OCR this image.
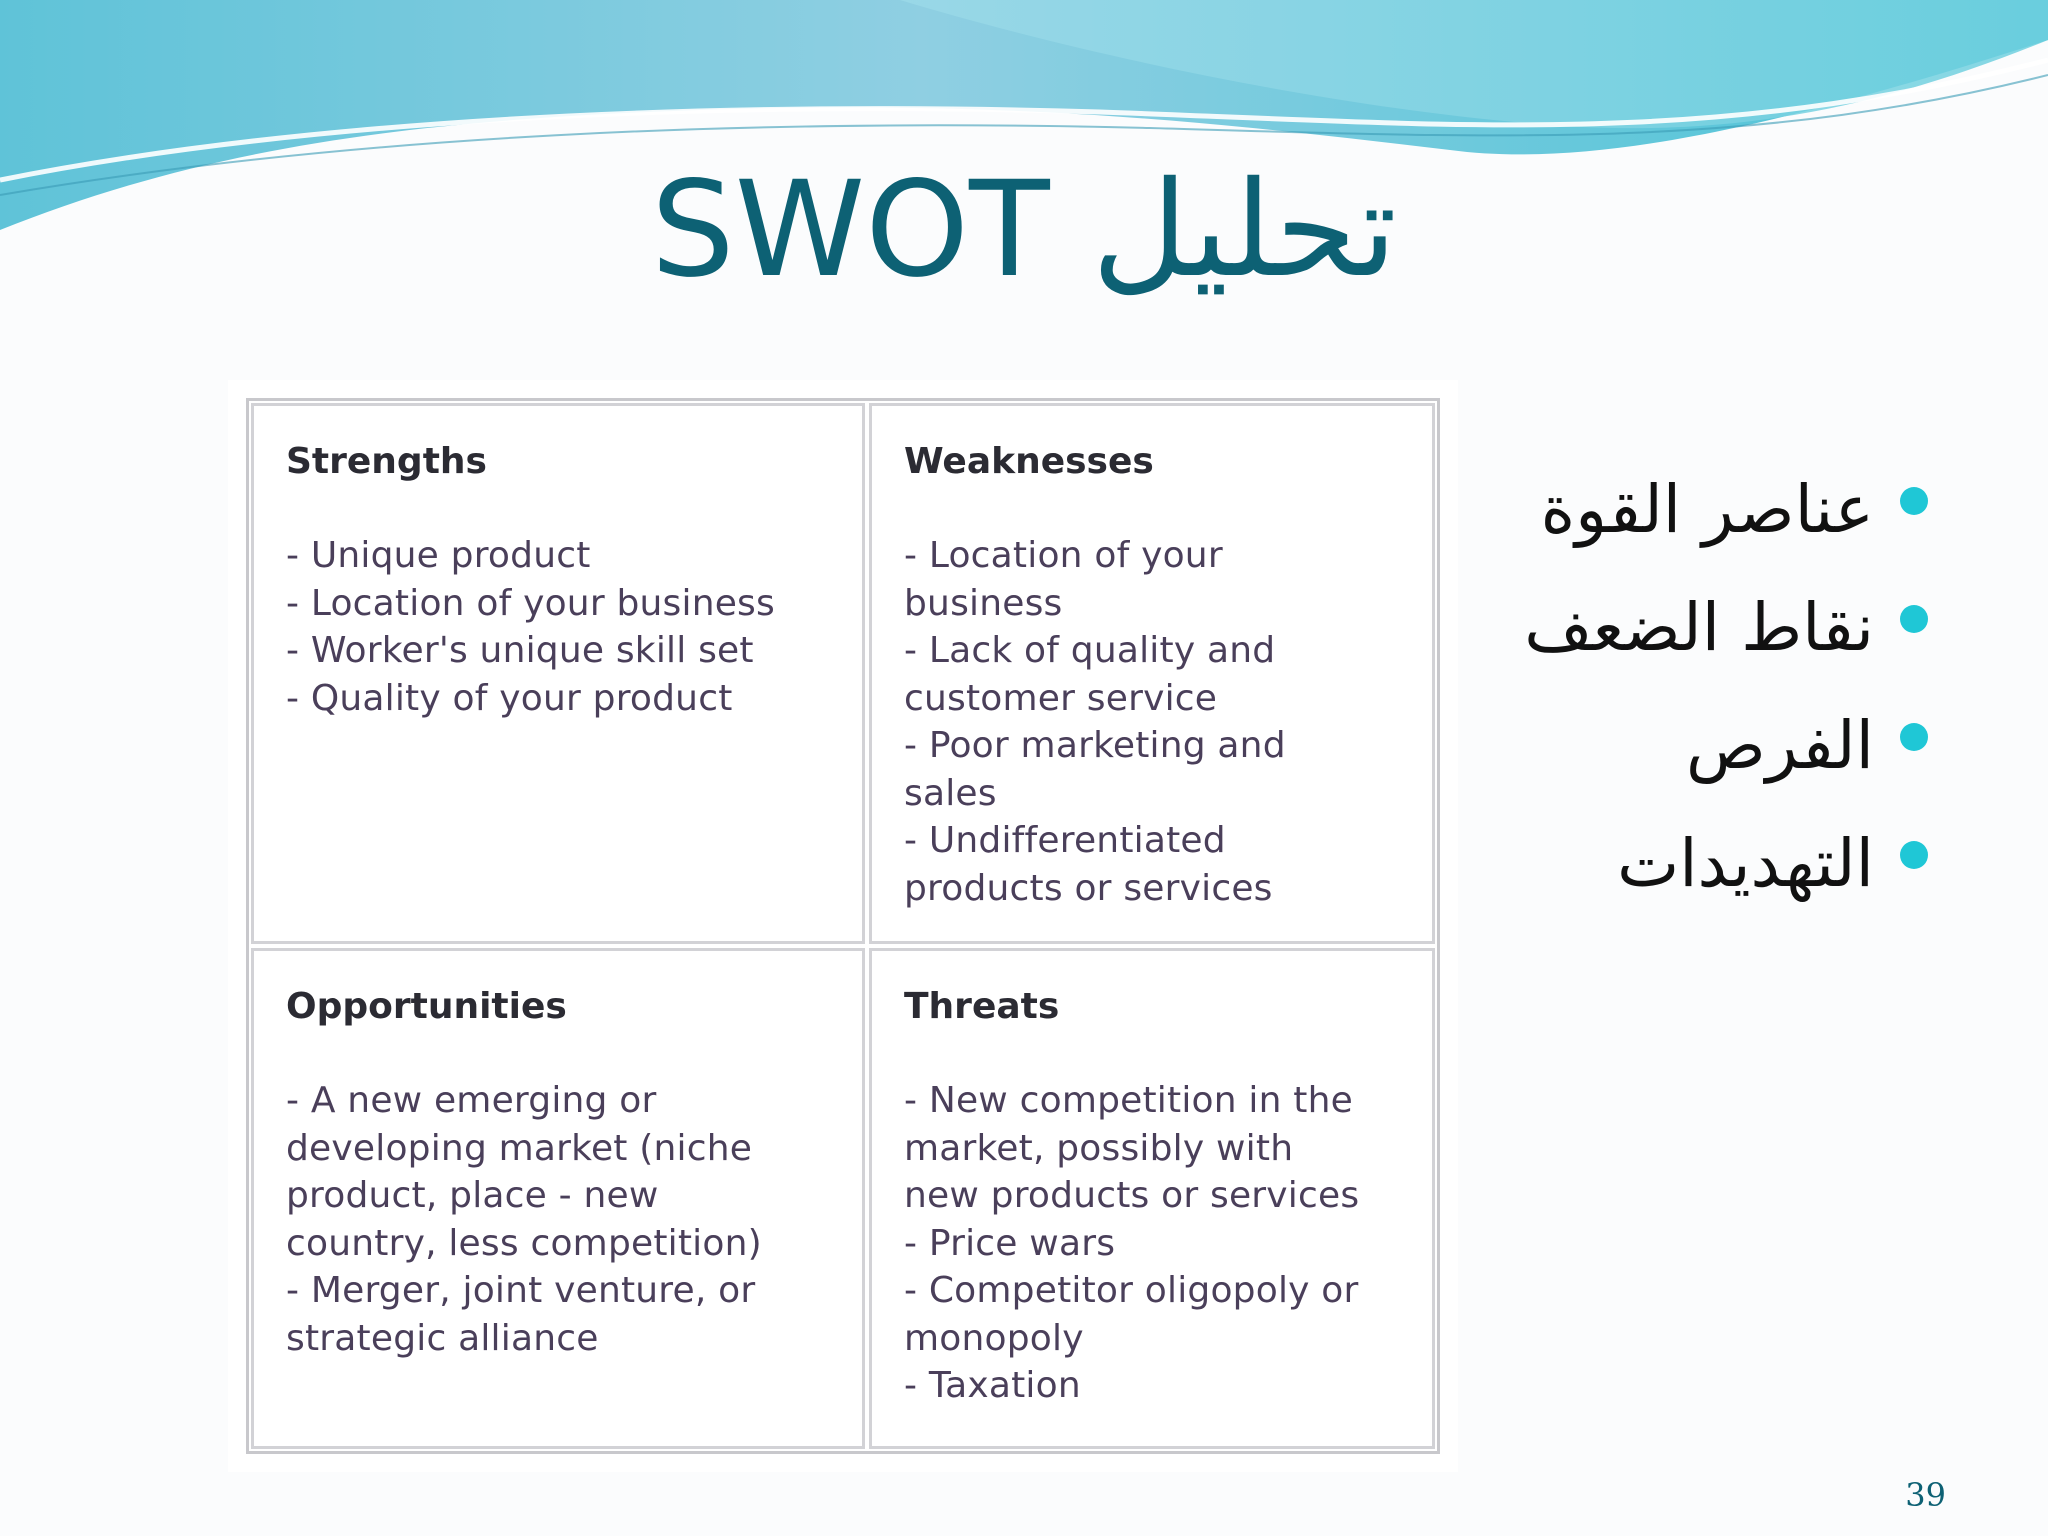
تحليل SWOT
Strengths
- Unique product
- Location of your business
- Worker's unique skill set
- Quality of your product
Weaknesses
- Location of your
business
- Lack of quality and
customer service
- Poor marketing and
sales
- Undifferentiated
products or services
Opportunities
- A new emerging or
developing market (niche
product, place - new
country, less competition)
- Merger, joint venture, or
strategic alliance
Threats
- New competition in the
market, possibly with
new products or services
- Price wars
- Competitor oligopoly or
monopoly
- Taxation
عناصر القوة
نقاط الضعف
الفرص
التهديدات
39
